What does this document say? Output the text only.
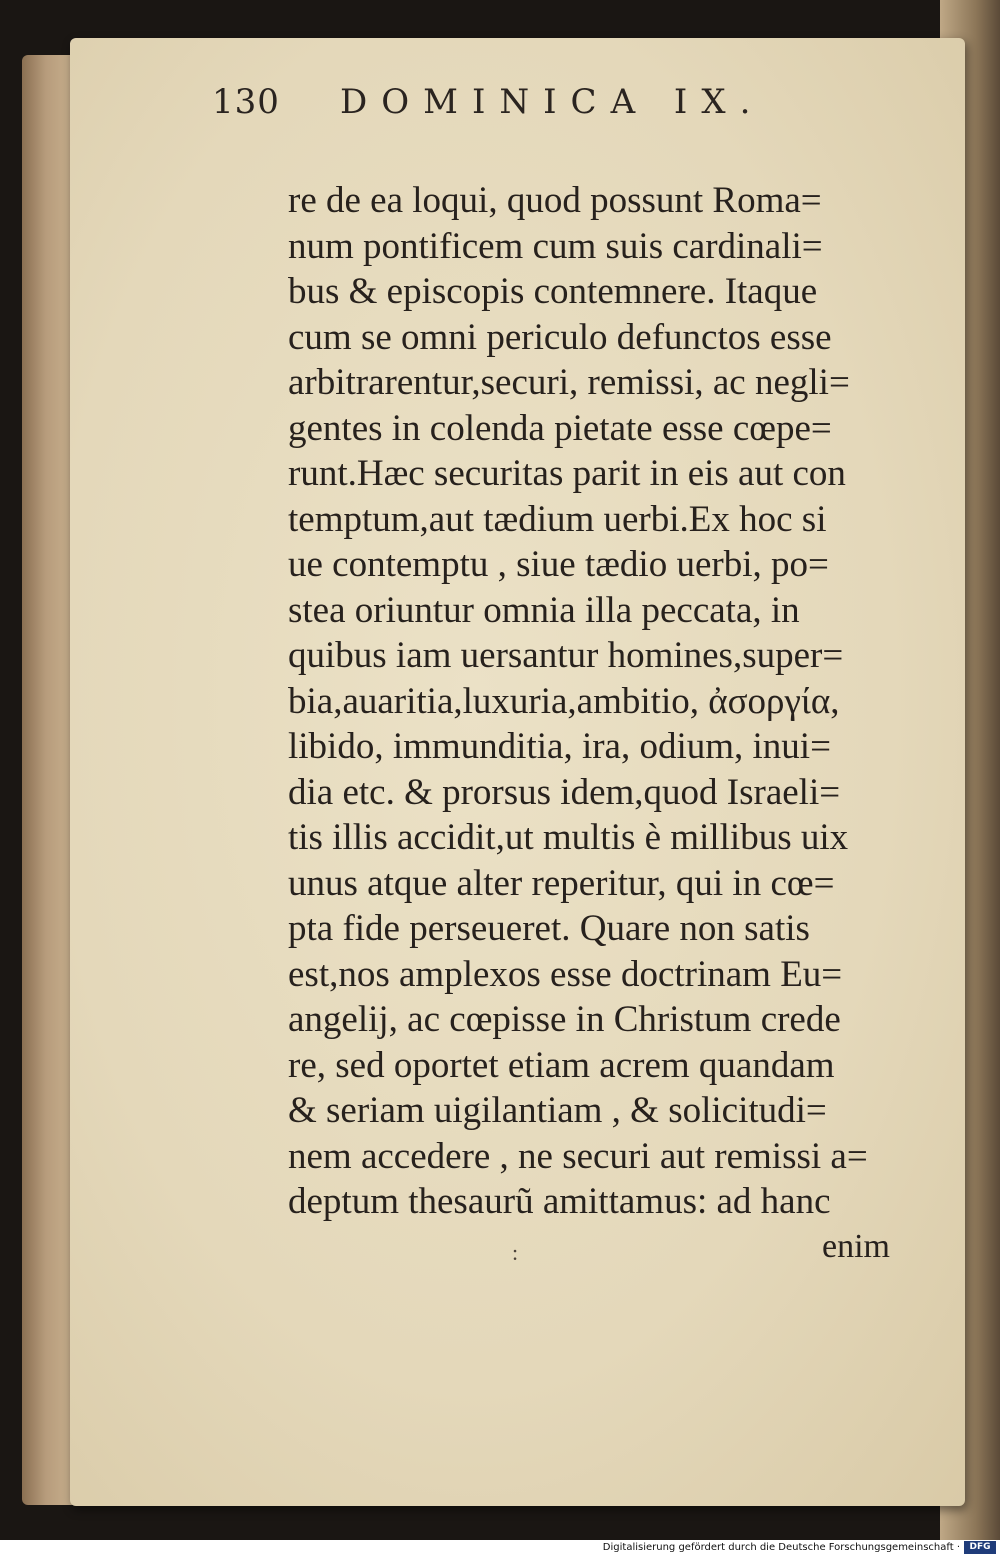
130 DOMINICA IX.
re de ea loqui, quod possunt Roma=
num pontificem cum suis cardinali=
bus & episcopis contemnere. Itaque
cum se omni periculo defunctos esse
arbitrarentur,securi, remissi, ac negli=
gentes in colenda pietate esse cœpe=
runt.Hæc securitas parit in eis aut con
temptum,aut tædium uerbi.Ex hoc si
ue contemptu , siue tædio uerbi, po=
stea oriuntur omnia illa peccata, in
quibus iam uersantur homines,super=
bia,auaritia,luxuria,ambitio, ἀσοργία,
libido, immunditia, ira, odium, inui=
dia etc. & prorsus idem,quod Israeli=
tis illis accidit,ut multis è millibus uix
unus atque alter reperitur, qui in cœ=
pta fide perseueret. Quare non satis
est,nos amplexos esse doctrinam Eu=
angelij, ac cœpisse in Christum crede
re, sed oportet etiam acrem quandam
& seriam uigilantiam , & solicitudi=
nem accedere , ne securi aut remissi a=
deptum thesaurũ amittamus: ad hanc
:	enim
Digitalisierung gefördert durch die Deutsche Forschungsgemeinschaft ·	DFG
